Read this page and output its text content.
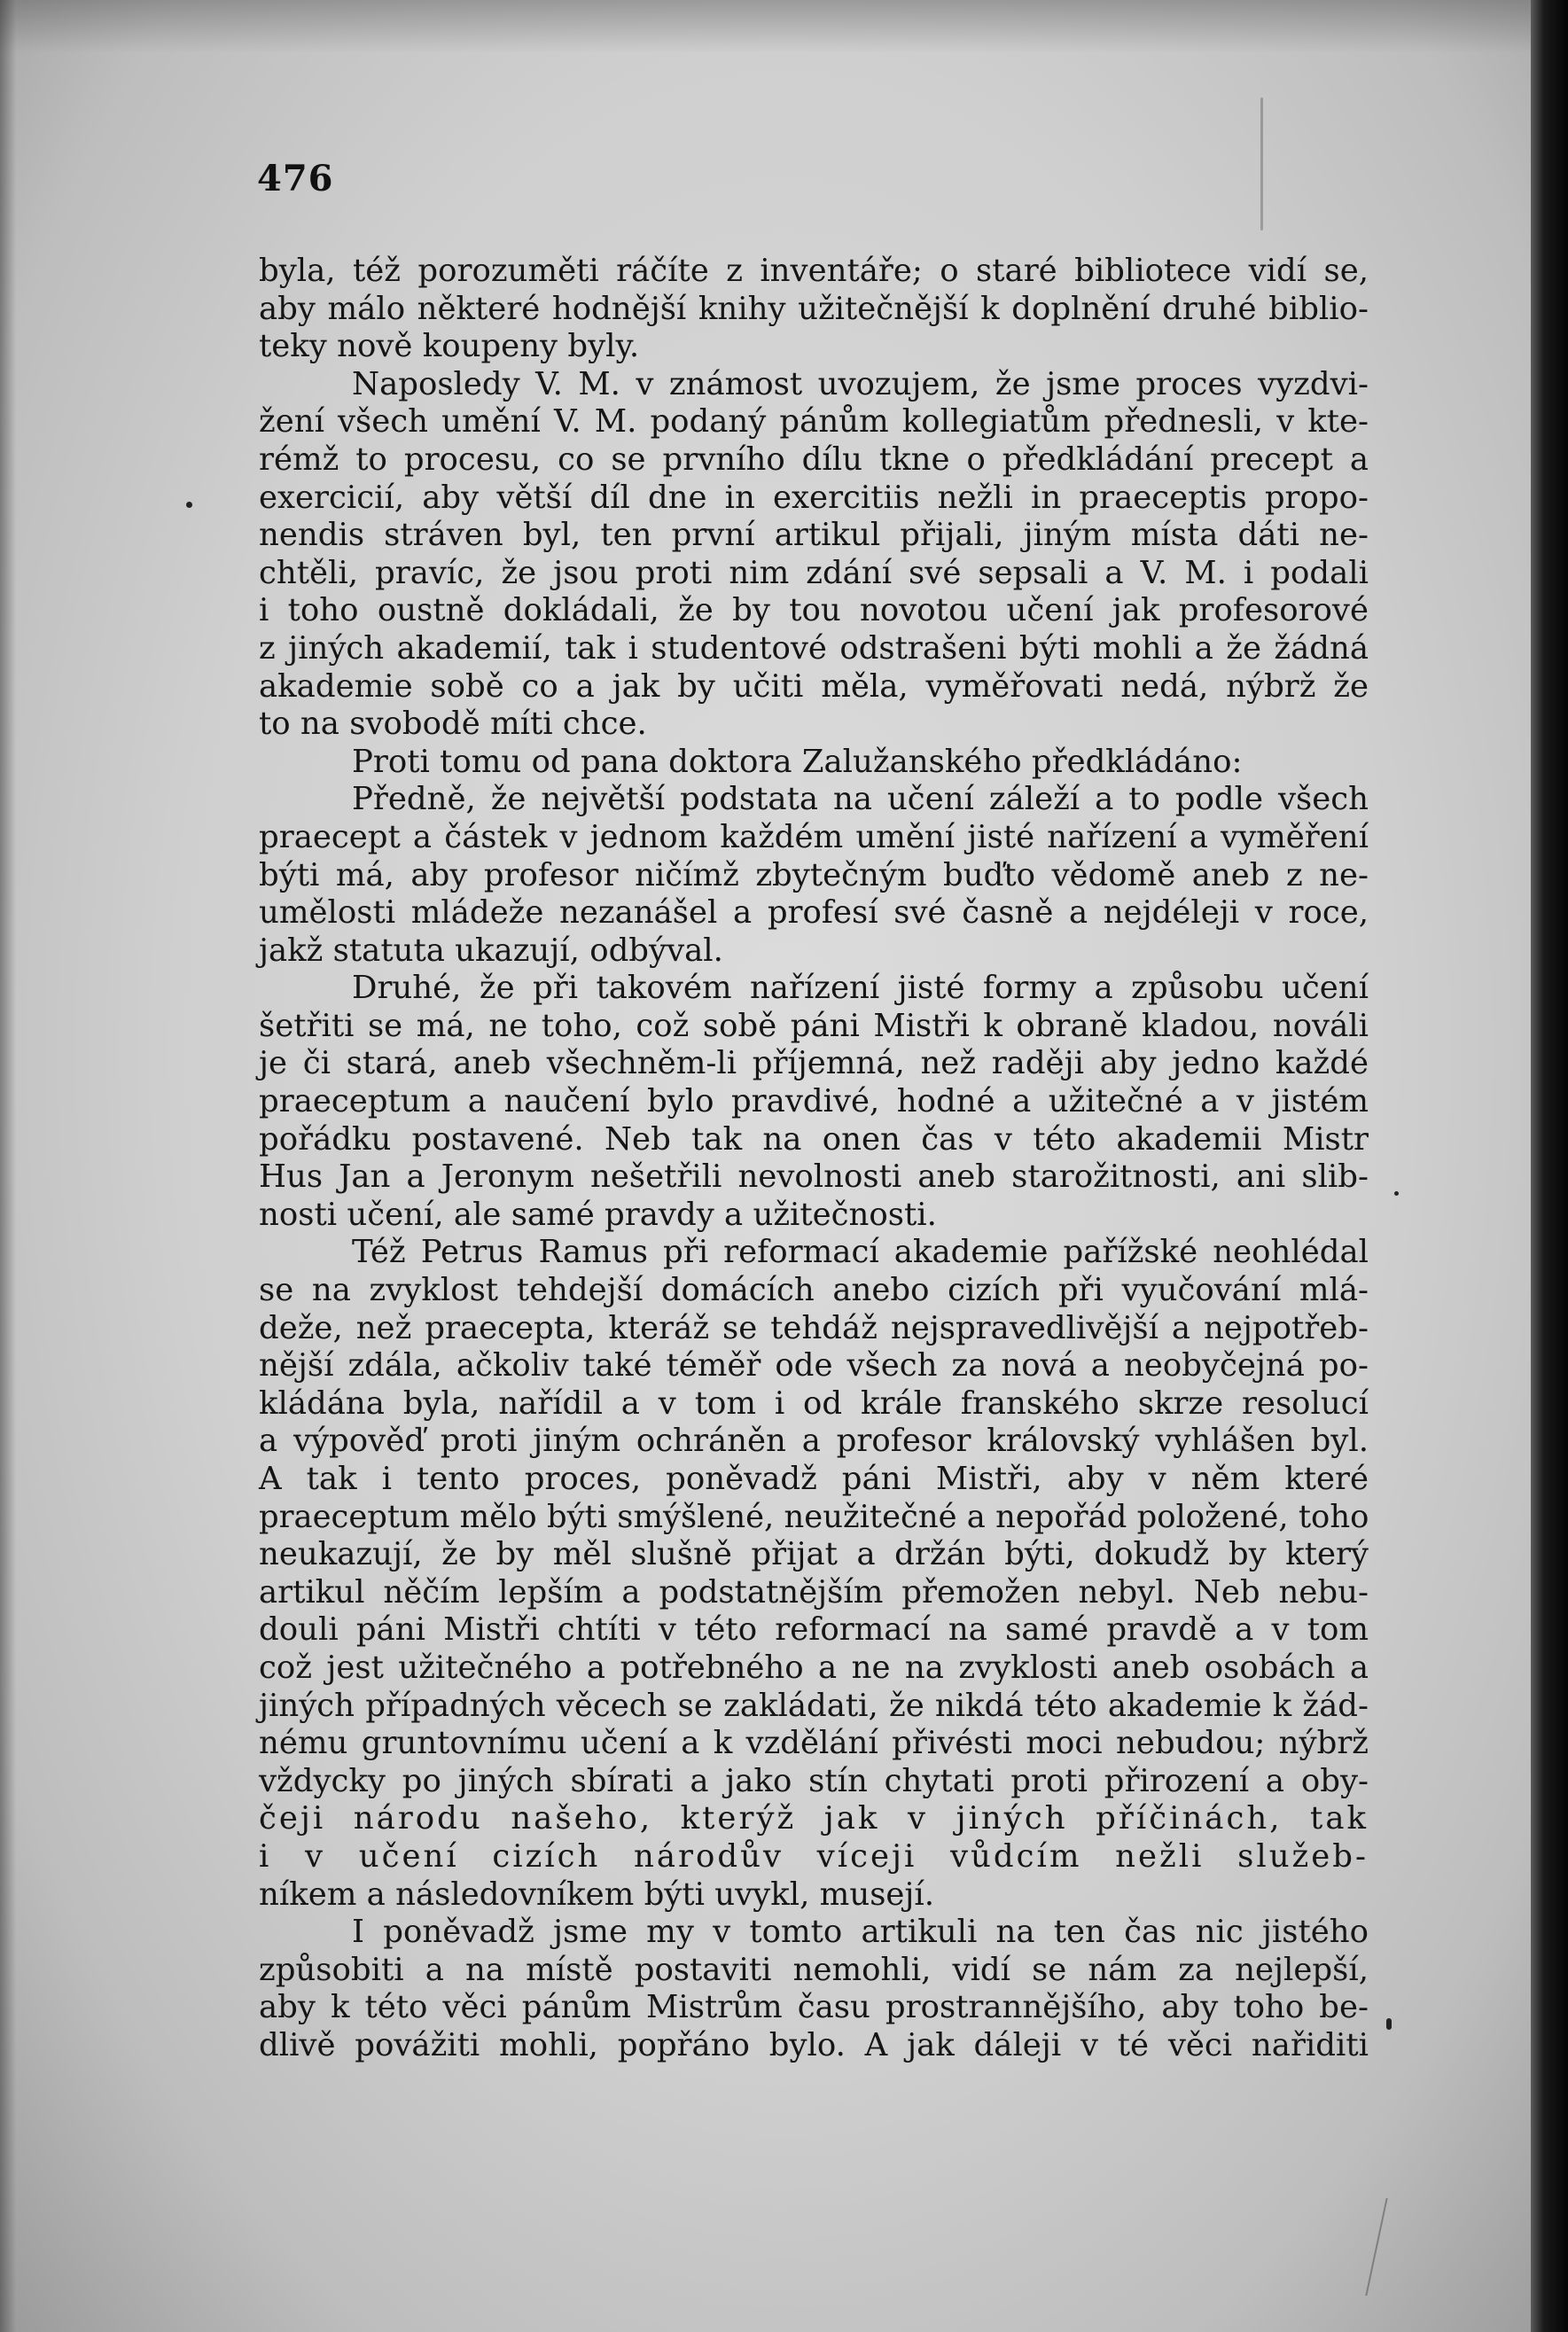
476
byla, též porozuměti ráčíte z inventáře; o staré bibliotece vidí se,
aby málo některé hodnější knihy užitečnější k doplnění druhé biblio-
teky nově koupeny byly.
Naposledy V. M. v známost uvozujem, že jsme proces vyzdvi-
žení všech umění V. M. podaný pánům kollegiatům přednesli, v kte-
rémž to procesu, co se prvního dílu tkne o předkládání precept a
exercicií, aby větší díl dne in exercitiis nežli in praeceptis propo-
nendis stráven byl, ten první artikul přijali, jiným místa dáti ne-
chtěli, pravíc, že jsou proti nim zdání své sepsali a V. M. i podali
i toho oustně dokládali, že by tou novotou učení jak profesorové
z jiných akademií, tak i studentové odstrašeni býti mohli a že žádná
akademie sobě co a jak by učiti měla, vyměřovati nedá, nýbrž že
to na svobodě míti chce.
Proti tomu od pana doktora Zalužanského předkládáno:
Předně, že největší podstata na učení záleží a to podle všech
praecept a částek v jednom každém umění jisté nařízení a vyměření
býti má, aby profesor ničímž zbytečným buďto vědomě aneb z ne-
umělosti mládeže nezanášel a profesí své časně a nejdéleji v roce,
jakž statuta ukazují, odbýval.
Druhé, že při takovém nařízení jisté formy a způsobu učení
šetřiti se má, ne toho, což sobě páni Mistři k obraně kladou, nováli
je či stará, aneb všechněm-li příjemná, než raději aby jedno každé
praeceptum a naučení bylo pravdivé, hodné a užitečné a v jistém
pořádku postavené. Neb tak na onen čas v této akademii Mistr
Hus Jan a Jeronym nešetřili nevolnosti aneb starožitnosti, ani slib-
nosti učení, ale samé pravdy a užitečnosti.
Též Petrus Ramus při reformací akademie pařížské neohlédal
se na zvyklost tehdejší domácích anebo cizích při vyučování mlá-
deže, než praecepta, kteráž se tehdáž nejspravedlivější a nejpotřeb-
nější zdála, ačkoliv také téměř ode všech za nová a neobyčejná po-
kládána byla, nařídil a v tom i od krále franského skrze resolucí
a výpověď proti jiným ochráněn a profesor královský vyhlášen byl.
A tak i tento proces, poněvadž páni Mistři, aby v něm které
praeceptum mělo býti smýšlené, neužitečné a nepořád položené, toho
neukazují, že by měl slušně přijat a držán býti, dokudž by který
artikul něčím lepším a podstatnějším přemožen nebyl. Neb nebu-
douli páni Mistři chtíti v této reformací na samé pravdě a v tom
což jest užitečného a potřebného a ne na zvyklosti aneb osobách a
jiných případných věcech se zakládati, že nikdá této akademie k žád-
nému gruntovnímu učení a k vzdělání přivésti moci nebudou; nýbrž
vždycky po jiných sbírati a jako stín chytati proti přirození a oby-
čeji národu našeho, kterýž jak v jiných příčinách, tak
i v učení cizích národův víceji vůdcím nežli služeb-
níkem a následovníkem býti uvykl, musejí.
I poněvadž jsme my v tomto artikuli na ten čas nic jistého
způsobiti a na místě postaviti nemohli, vidí se nám za nejlepší,
aby k této věci pánům Mistrům času prostrannějšího, aby toho be-
dlivě povážiti mohli, popřáno bylo. A jak dáleji v té věci nařiditi
